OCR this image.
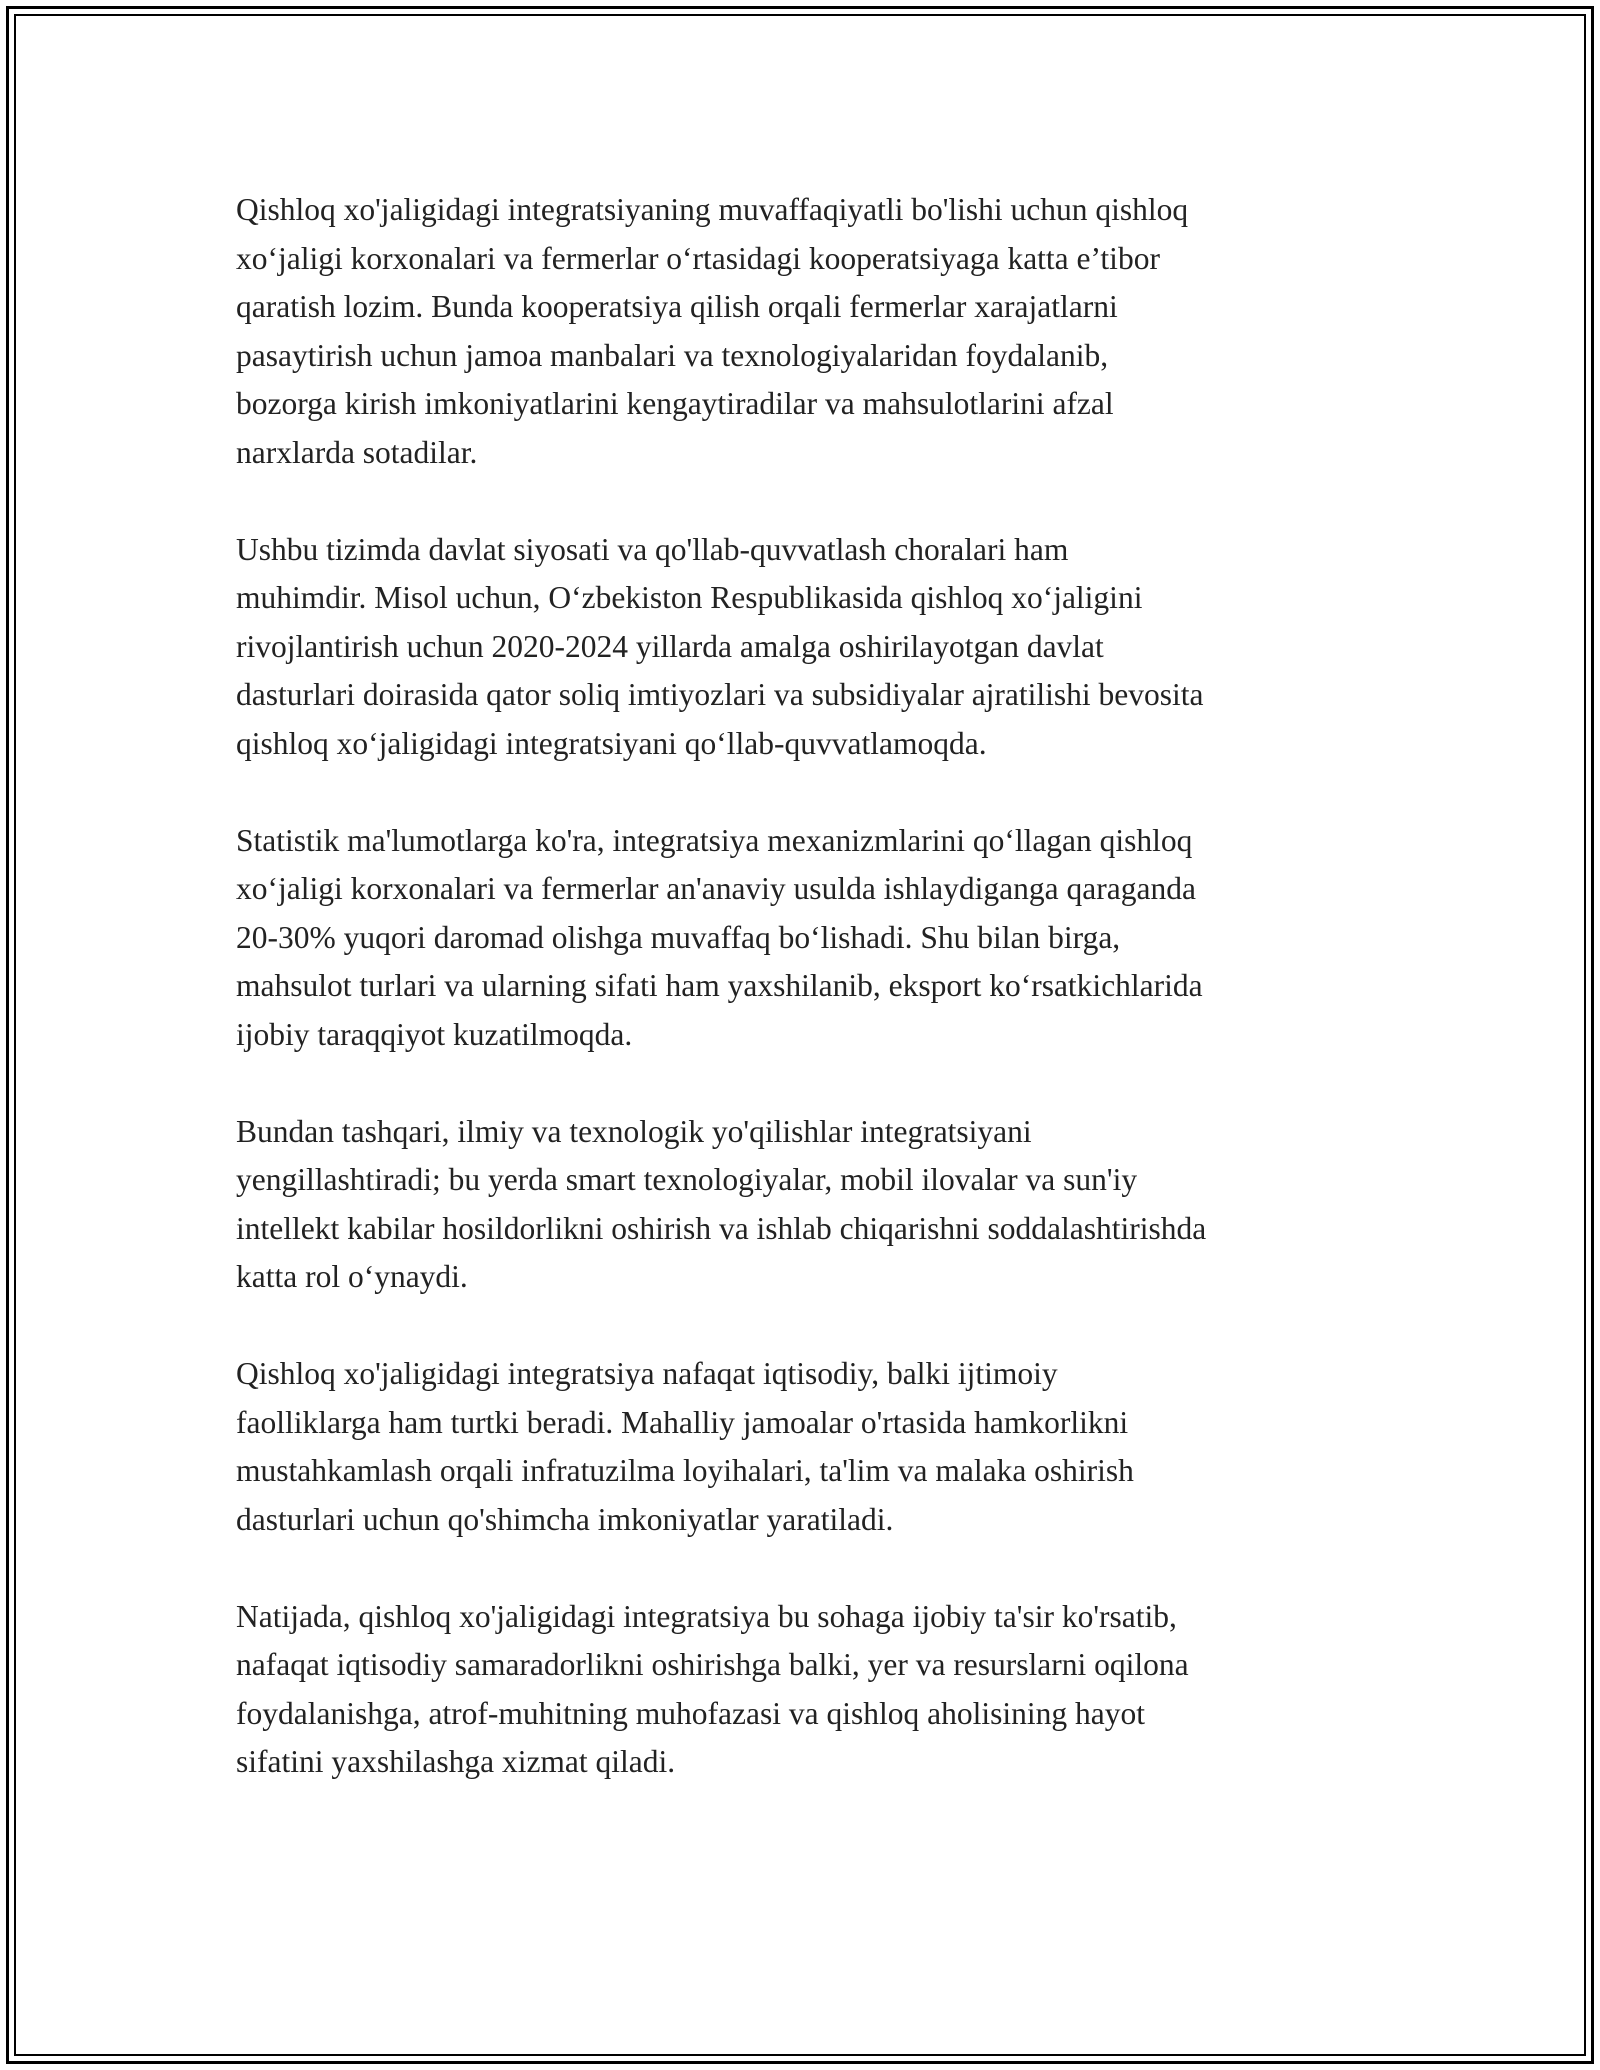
Qishloq xo'jaligidagi integratsiyaning muvaffaqiyatli bo'lishi uchun qishloq
xo‘jaligi korxonalari va fermerlar o‘rtasidagi kooperatsiyaga katta e’tibor
qaratish lozim. Bunda kooperatsiya qilish orqali fermerlar xarajatlarni
pasaytirish uchun jamoa manbalari va texnologiyalaridan foydalanib,
bozorga kirish imkoniyatlarini kengaytiradilar va mahsulotlarini afzal
narxlarda sotadilar.

Ushbu tizimda davlat siyosati va qo'llab-quvvatlash choralari ham
muhimdir. Misol uchun, O‘zbekiston Respublikasida qishloq xo‘jaligini
rivojlantirish uchun 2020-2024 yillarda amalga oshirilayotgan davlat
dasturlari doirasida qator soliq imtiyozlari va subsidiyalar ajratilishi bevosita
qishloq xo‘jaligidagi integratsiyani qo‘llab-quvvatlamoqda.

Statistik ma'lumotlarga ko'ra, integratsiya mexanizmlarini qo‘llagan qishloq
xo‘jaligi korxonalari va fermerlar an'anaviy usulda ishlaydiganga qaraganda
20-30% yuqori daromad olishga muvaffaq bo‘lishadi. Shu bilan birga,
mahsulot turlari va ularning sifati ham yaxshilanib, eksport ko‘rsatkichlarida
ijobiy taraqqiyot kuzatilmoqda.

Bundan tashqari, ilmiy va texnologik yo'qilishlar integratsiyani
yengillashtiradi; bu yerda smart texnologiyalar, mobil ilovalar va sun'iy
intellekt kabilar hosildorlikni oshirish va ishlab chiqarishni soddalashtirishda
katta rol o‘ynaydi.

Qishloq xo'jaligidagi integratsiya nafaqat iqtisodiy, balki ijtimoiy
faolliklarga ham turtki beradi. Mahalliy jamoalar o'rtasida hamkorlikni
mustahkamlash orqali infratuzilma loyihalari, ta'lim va malaka oshirish
dasturlari uchun qo'shimcha imkoniyatlar yaratiladi.

Natijada, qishloq xo'jaligidagi integratsiya bu sohaga ijobiy ta'sir ko'rsatib,
nafaqat iqtisodiy samaradorlikni oshirishga balki, yer va resurslarni oqilona
foydalanishga, atrof-muhitning muhofazasi va qishloq aholisining hayot
sifatini yaxshilashga xizmat qiladi.
